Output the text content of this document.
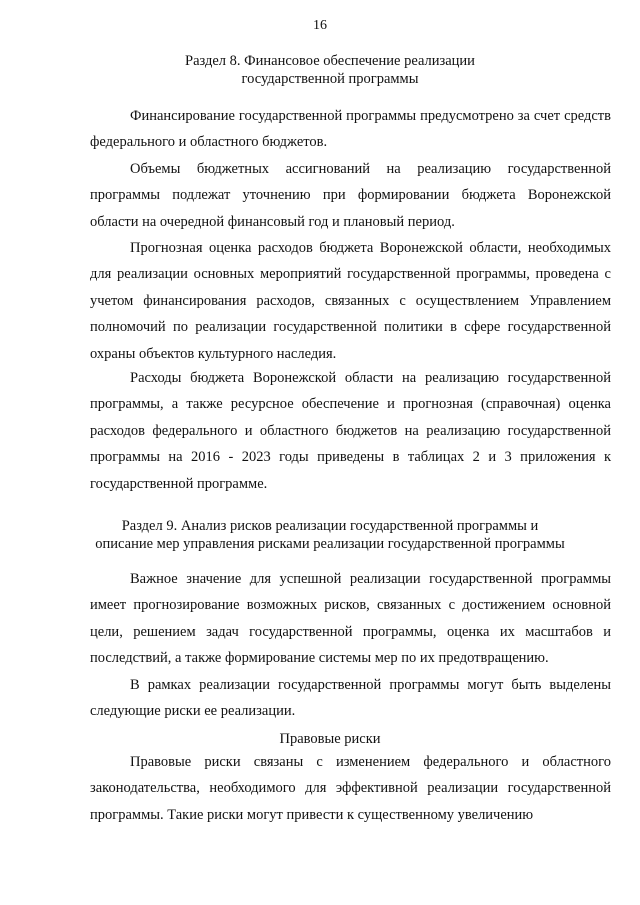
16
Раздел 8. Финансовое обеспечение реализации
государственной программы

Финансирование государственной программы предусмотрено за счет средств федерального и областного бюджетов.

Объемы бюджетных ассигнований на реализацию государственной программы подлежат уточнению при формировании бюджета Воронежской области на очередной финансовый год и плановый период.

Прогнозная оценка расходов бюджета Воронежской области, необходимых для реализации основных мероприятий государственной программы, проведена с учетом финансирования расходов, связанных с осуществлением Управлением полномочий по реализации государственной политики в сфере государственной охраны объектов культурного наследия.

Расходы бюджета Воронежской области на реализацию государственной программы, а также ресурсное обеспечение и прогнозная (справочная) оценка расходов федерального и областного бюджетов на реализацию государственной программы на 2016 - 2023 годы приведены в таблицах 2 и 3 приложения к государственной программе.

Раздел 9. Анализ рисков реализации государственной программы и
описание мер управления рисками реализации государственной программы

Важное значение для успешной реализации государственной программы имеет прогнозирование возможных рисков, связанных с достижением основной цели, решением задач государственной программы, оценка их масштабов и последствий, а также формирование системы мер по их предотвращению.

В рамках реализации государственной программы могут быть выделены следующие риски ее реализации.

Правовые риски

Правовые риски связаны с изменением федерального и областного законодательства, необходимого для эффективной реализации государственной программы. Такие риски могут привести к существенному увеличению
